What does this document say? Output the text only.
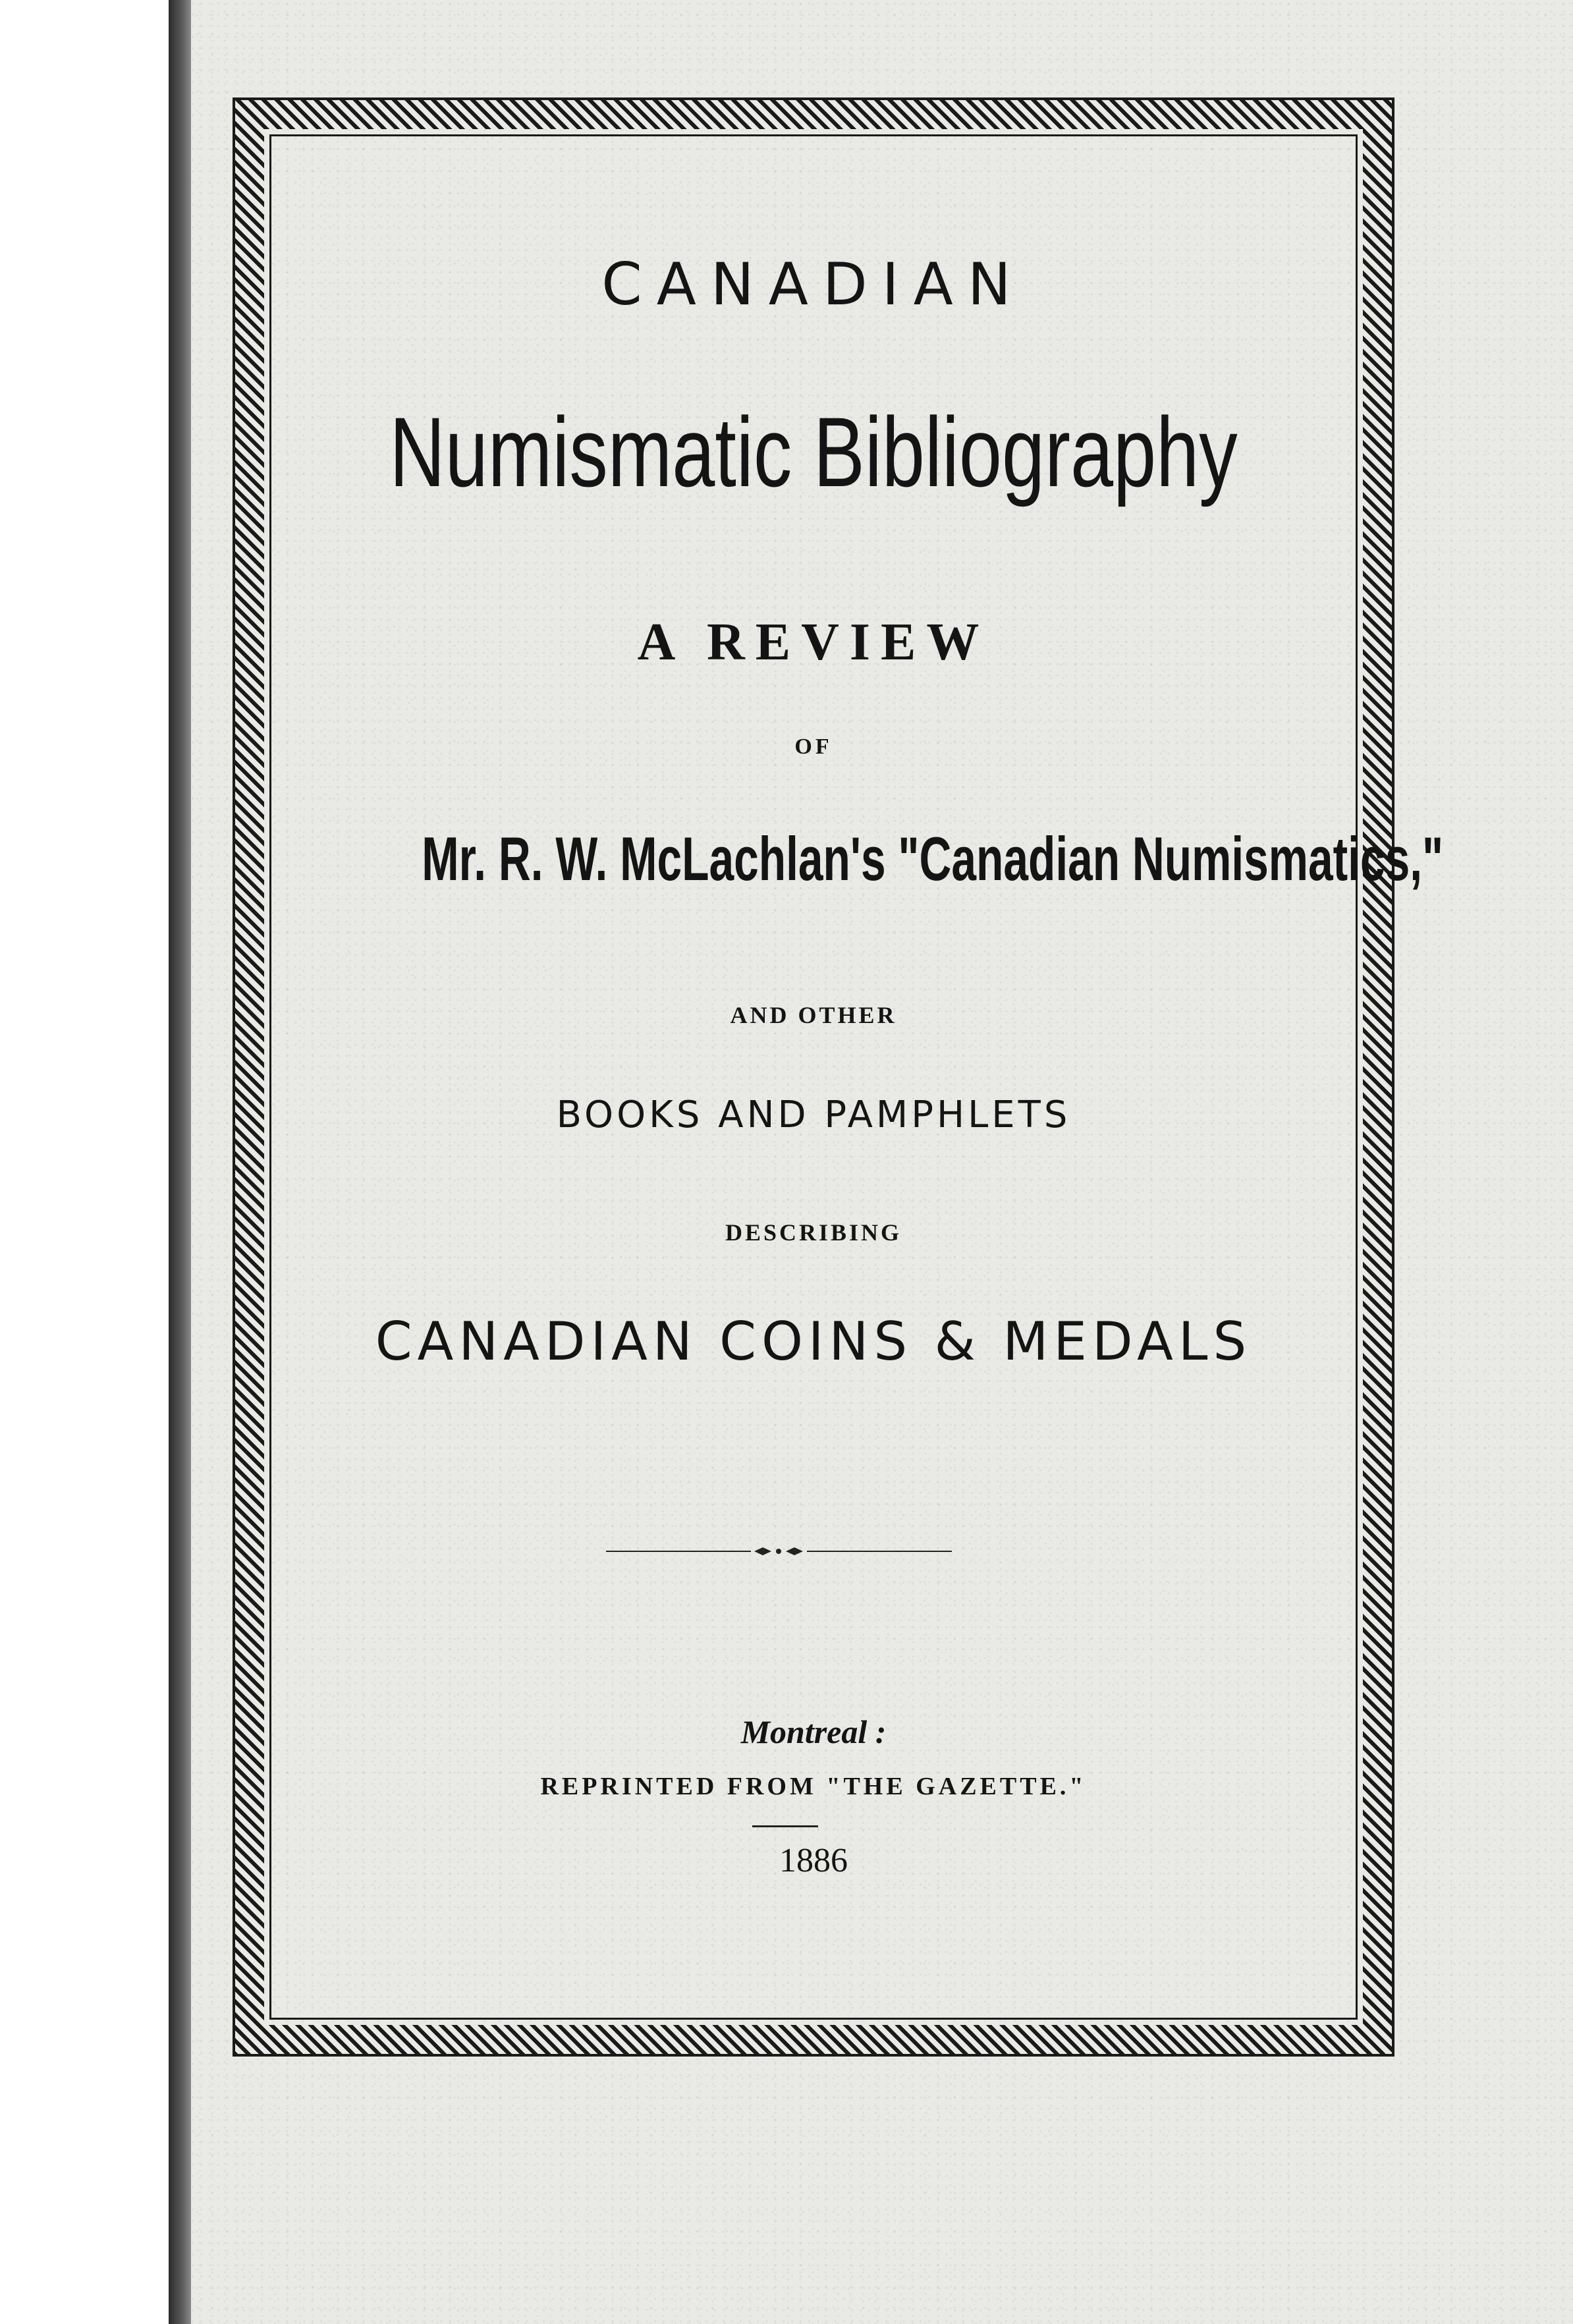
CANADIAN
Numismatic Bibliography
A REVIEW
OF
Mr. R. W. McLachlan's "Canadian Numismatics,"
AND OTHER
BOOKS AND PAMPHLETS
DESCRIBING
CANADIAN COINS & MEDALS
Montreal :
REPRINTED FROM "THE GAZETTE."
1886
